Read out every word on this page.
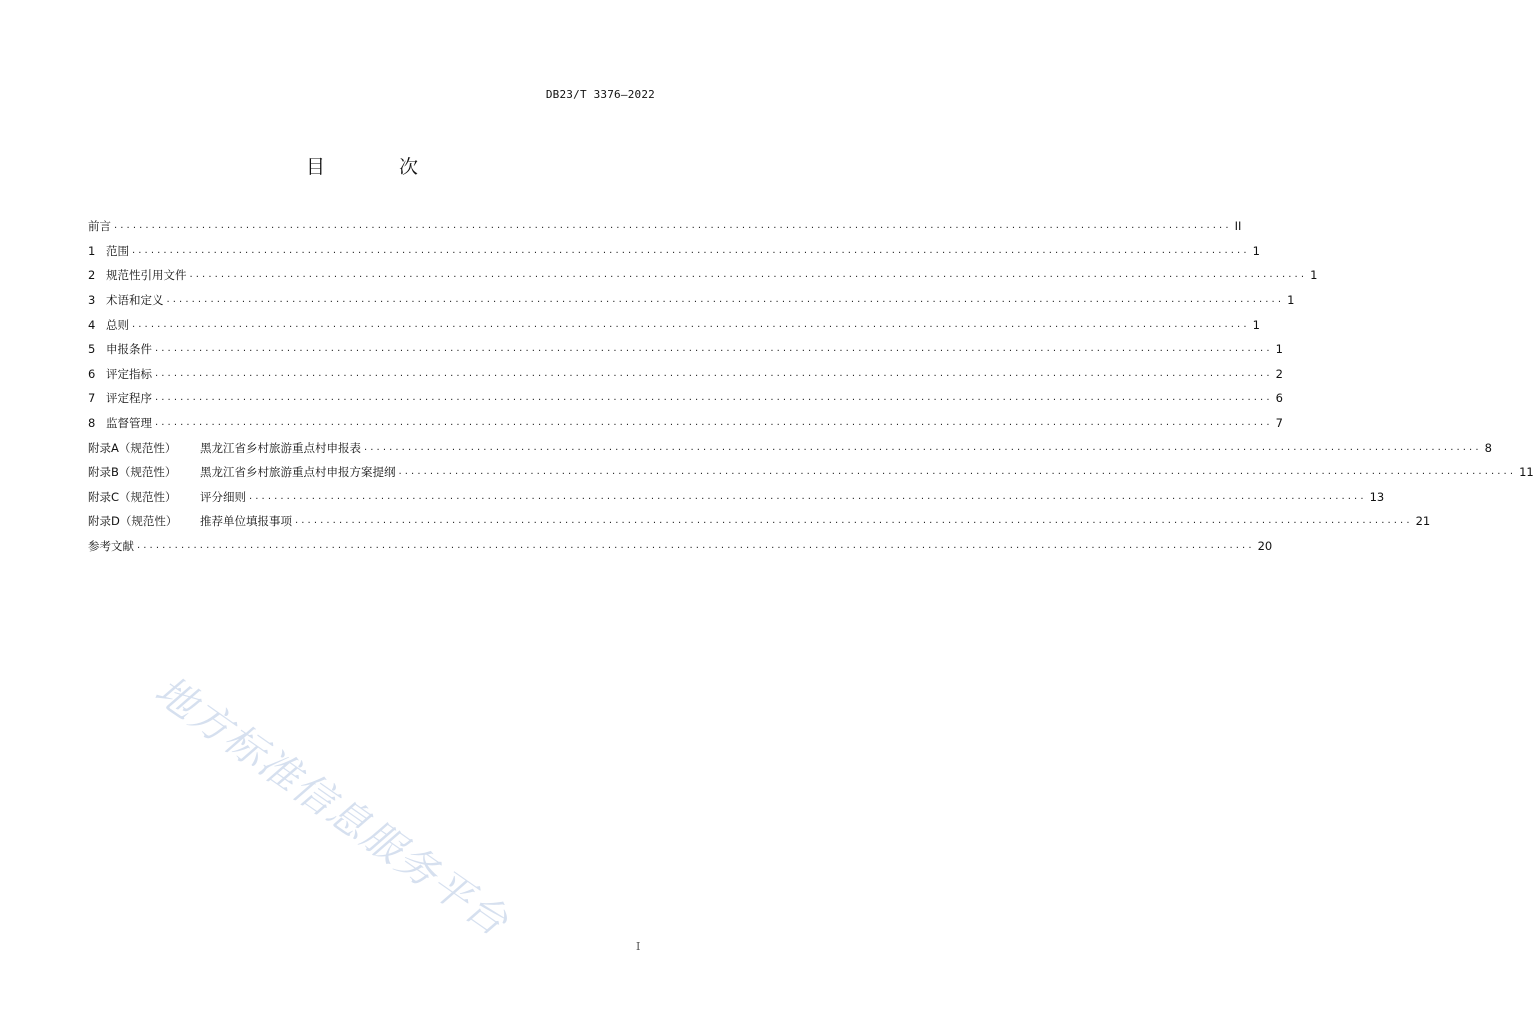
DB23/T 3376—2022
目 次
前言 .................................................................................................................................................................................. II
1 范围 .................................................................................................................................................................................. 1
2 规范性引用文件 .................................................................................................................................................................................. 1
3 术语和定义 .................................................................................................................................................................................. 1
4 总则 .................................................................................................................................................................................. 1
5 申报条件 .................................................................................................................................................................................. 1
6 评定指标 .................................................................................................................................................................................. 2
7 评定程序 .................................................................................................................................................................................. 6
8 监督管理 .................................................................................................................................................................................. 7
附录A（规范性） 黑龙江省乡村旅游重点村申报表 .................................................................................................................................................................................. 8
附录B（规范性） 黑龙江省乡村旅游重点村申报方案提纲 .................................................................................................................................................................................. 11
附录C（规范性） 评分细则 .................................................................................................................................................................................. 13
附录D（规范性） 推荐单位填报事项 .................................................................................................................................................................................. 21
参考文献 .................................................................................................................................................................................. 20
地方标准信息服务平台
I
